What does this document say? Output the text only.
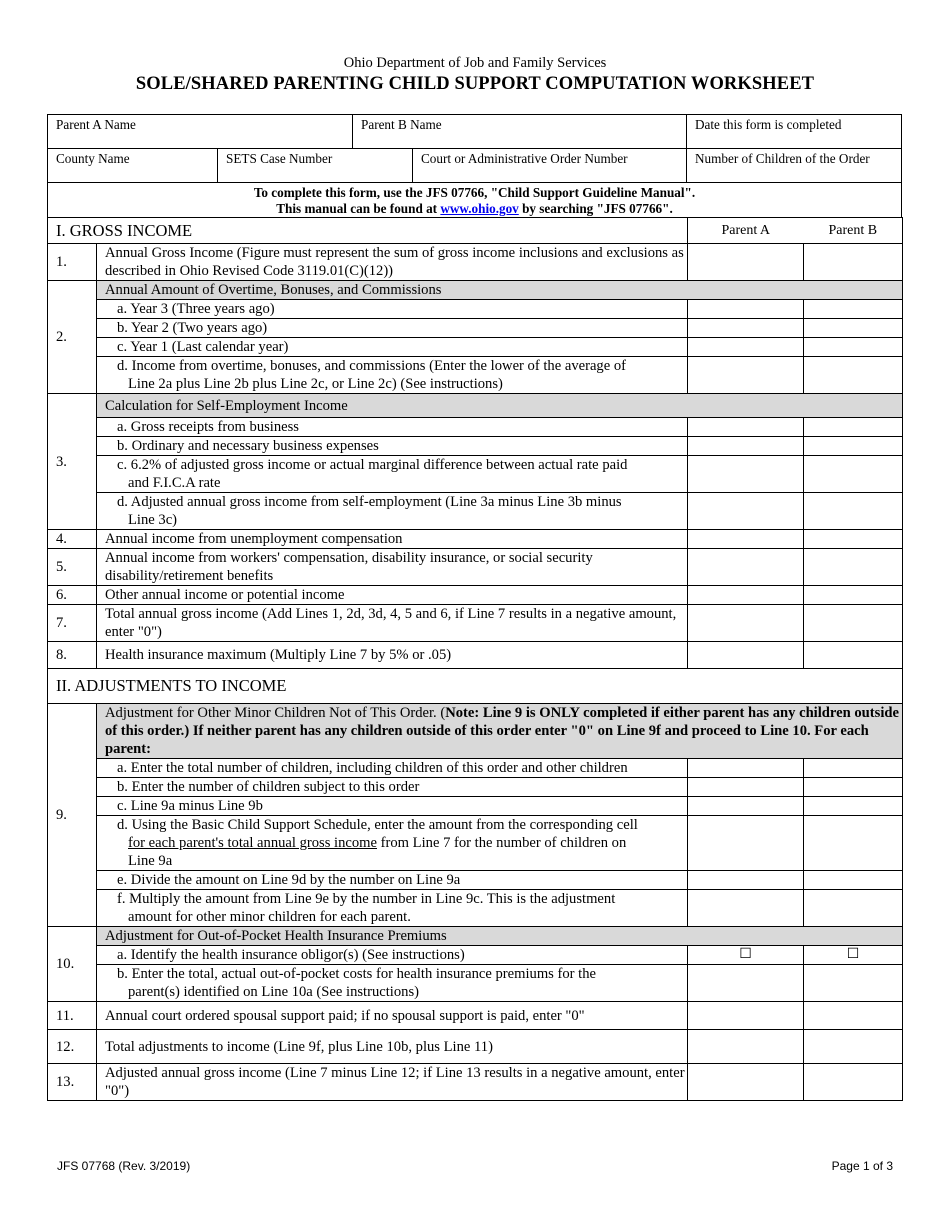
Ohio Department of Job and Family Services
SOLE/SHARED PARENTING CHILD SUPPORT COMPUTATION WORKSHEET
Parent A Name	Parent B Name	Date this form is completed
County Name	SETS Case Number	Court or Administrative Order Number	Number of Children of the Order
To complete this form, use the JFS 07766, "Child Support Guideline Manual".
This manual can be found at www.ohio.gov by searching "JFS 07766".
I. GROSS INCOME		Parent A	Parent B
1.	Annual Gross Income (Figure must represent the sum of gross income inclusions and exclusions as described in Ohio Revised Code 3119.01(C)(12))		
2.	Annual Amount of Overtime, Bonuses, and Commissions		
	a. Year 3 (Three years ago)		
	b. Year 2 (Two years ago)		
	c. Year 1 (Last calendar year)		
	d. Income from overtime, bonuses, and commissions (Enter the lower of the average of
Line 2a plus Line 2b plus Line 2c, or Line 2c) (See instructions)		

3.	Calculation for Self-Employment Income		
	a. Gross receipts from business		
	b. Ordinary and necessary business expenses		
	c. 6.2% of adjusted gross income or actual marginal difference between actual rate paid
and F.I.C.A rate		

	d. Adjusted annual gross income from self-employment (Line 3a minus Line 3b minus
Line 3c)		

4.	Annual income from unemployment compensation		
5.	Annual income from workers' compensation, disability insurance, or social security disability/retirement benefits		
6.	Other annual income or potential income		
7.	Total annual gross income (Add Lines 1, 2d, 3d, 4, 5 and 6, if Line 7 results in a negative amount, enter "0")		
8.	Health insurance maximum (Multiply Line 7 by 5% or .05)		
II. ADJUSTMENTS TO INCOME			
9.	Adjustment for Other Minor Children Not of This Order. (Note: Line 9 is ONLY completed if either parent has any children outside of this order.) If neither parent has any children outside of this order enter "0" on Line 9f and proceed to Line 10. For each parent:		
	a. Enter the total number of children, including children of this order and other children		
	b. Enter the number of children subject to this order		
	c. Line 9a minus Line 9b		
	d. Using the Basic Child Support Schedule, enter the amount from the corresponding cell
for each parent's total annual gross income from Line 7 for the number of children on
Line 9a		

	e. Divide the amount on Line 9d by the number on Line 9a		
	f. Multiply the amount from Line 9e by the number in Line 9c. This is the adjustment
amount for other minor children for each parent.		

10.	Adjustment for Out-of-Pocket Health Insurance Premiums		
	a. Identify the health insurance obligor(s) (See instructions)	☐	☐
	b. Enter the total, actual out-of-pocket costs for health insurance premiums for the
parent(s) identified on Line 10a (See instructions)		

11.	Annual court ordered spousal support paid; if no spousal support is paid, enter "0"		
12.	Total adjustments to income (Line 9f, plus Line 10b, plus Line 11)		
13.	Adjusted annual gross income (Line 7 minus Line 12; if Line 13 results in a negative amount, enter "0")		
JFS 07768 (Rev. 3/2019)	Page 1 of 3
